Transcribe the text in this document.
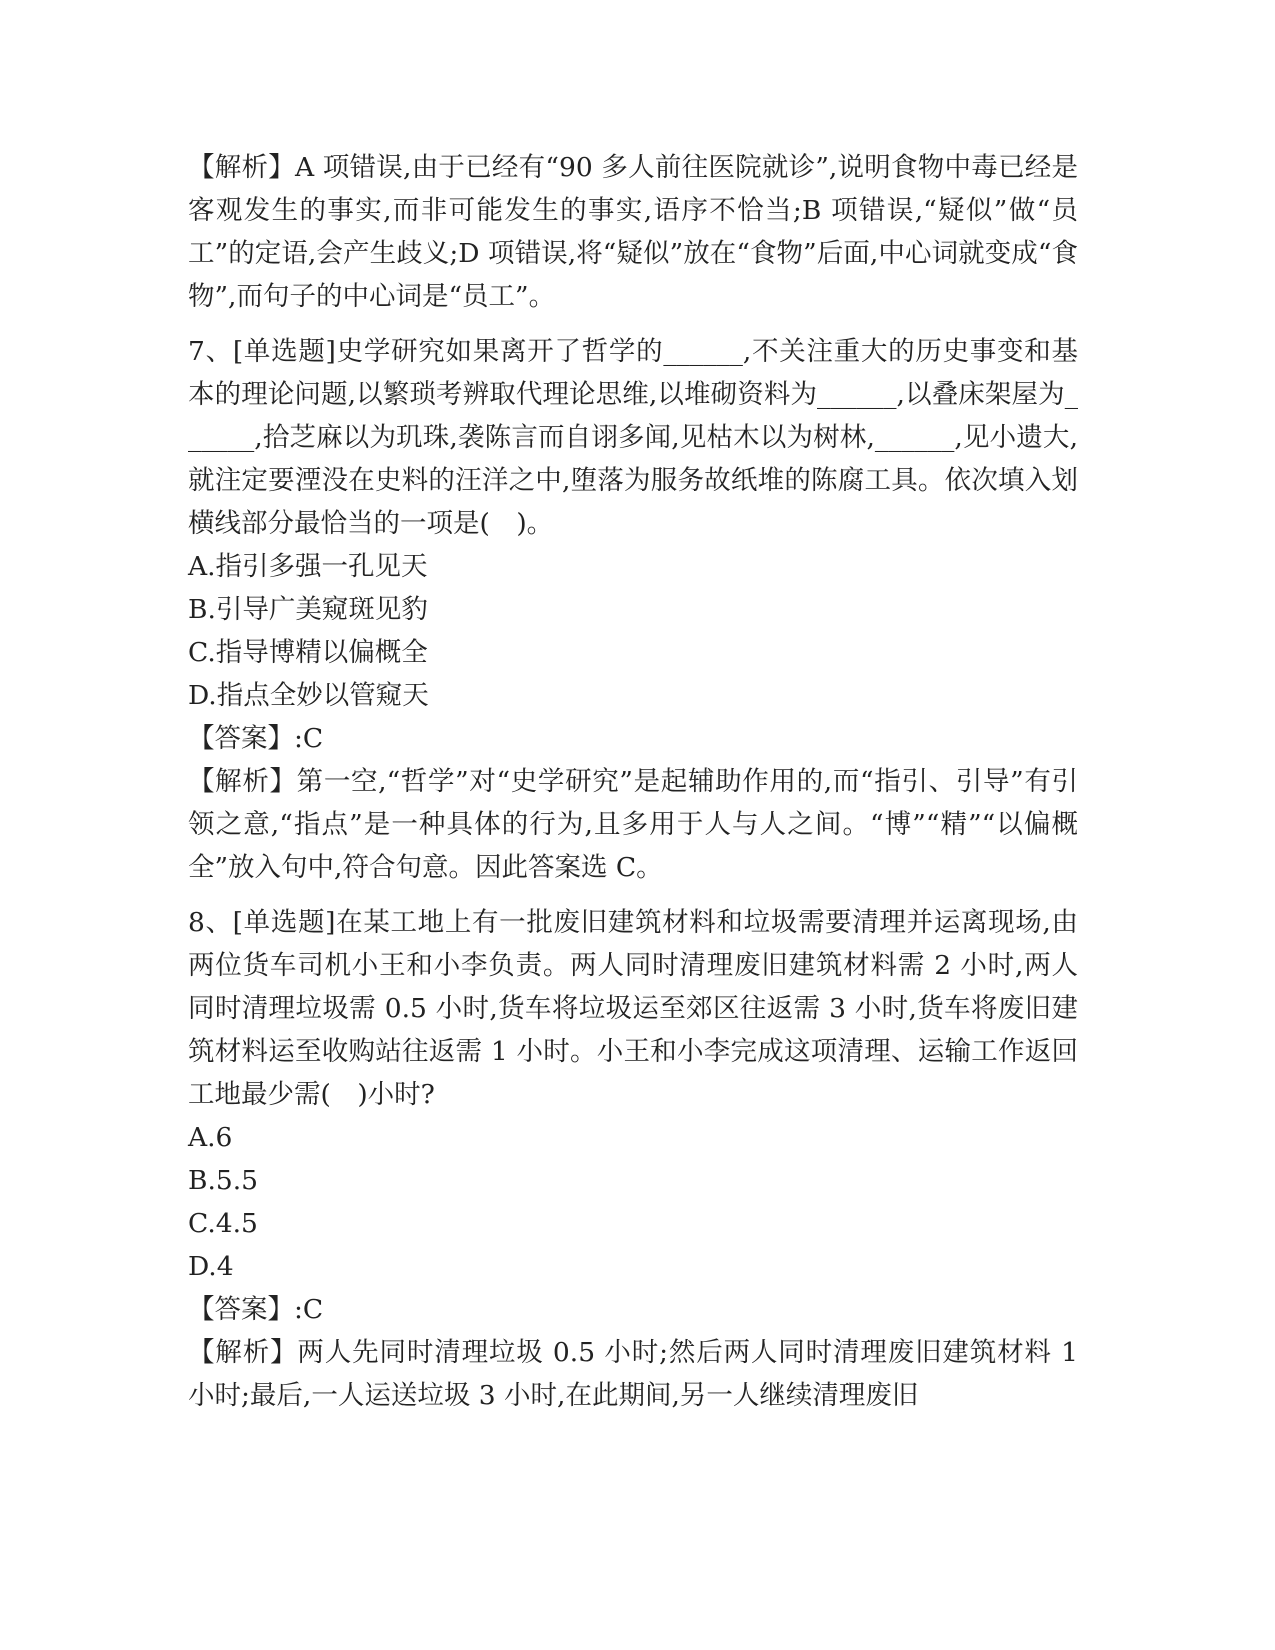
【解析】A 项错误,由于已经有“90 多人前往医院就诊”,说明食物中毒已经是客观发生的事实,而非可能发生的事实,语序不恰当;B 项错误,“疑似”做“员工”的定语,会产生歧义;D 项错误,将“疑似”放在“食物”后面,中心词就变成“食物”,而句子的中心词是“员工”。

7、[单选题]史学研究如果离开了哲学的______,不关注重大的历史事变和基本的理论问题,以繁琐考辨取代理论思维,以堆砌资料为______,以叠床架屋为______,拾芝麻以为玑珠,袭陈言而自诩多闻,见枯木以为树林,______,见小遗大,就注定要湮没在史料的汪洋之中,堕落为服务故纸堆的陈腐工具。依次填入划横线部分最恰当的一项是(　)。

A.指引多强一孔见天

B.引导广美窥斑见豹

C.指导博精以偏概全

D.指点全妙以管窥天

【答案】:C

【解析】第一空,“哲学”对“史学研究”是起辅助作用的,而“指引、引导”有引领之意,“指点”是一种具体的行为,且多用于人与人之间。“博”“精”“以偏概全”放入句中,符合句意。因此答案选 C。

8、[单选题]在某工地上有一批废旧建筑材料和垃圾需要清理并运离现场,由两位货车司机小王和小李负责。两人同时清理废旧建筑材料需 2 小时,两人同时清理垃圾需 0.5 小时,货车将垃圾运至郊区往返需 3 小时,货车将废旧建筑材料运至收购站往返需 1 小时。小王和小李完成这项清理、运输工作返回工地最少需(　)小时?

A.6

B.5.5

C.4.5

D.4

【答案】:C

【解析】两人先同时清理垃圾 0.5 小时;然后两人同时清理废旧建筑材料 1 小时;最后,一人运送垃圾 3 小时,在此期间,另一人继续清理废旧
